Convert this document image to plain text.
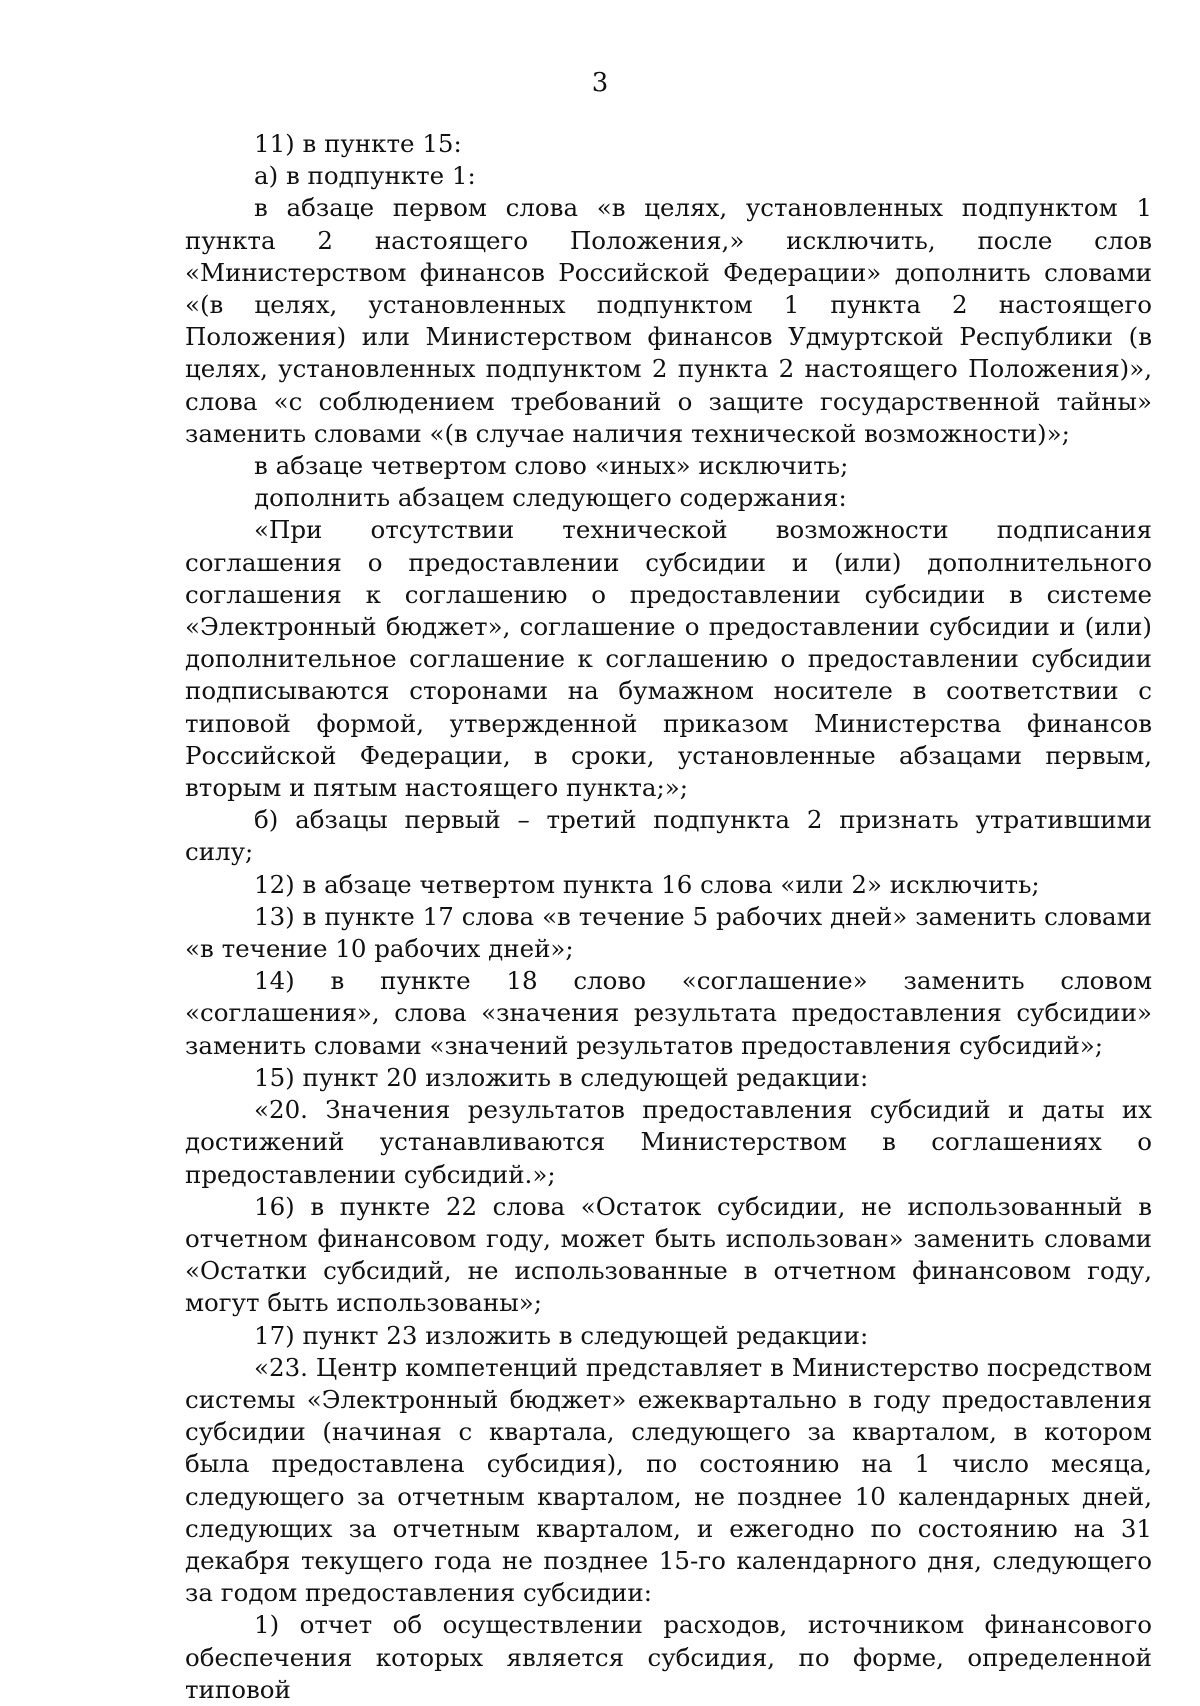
3

11) в пункте 15:

а) в подпункте 1:

в абзаце первом слова «в целях, установленных подпунктом 1 пункта 2 настоящего Положения,» исключить, после слов «Министерством финансов Российской Федерации» дополнить словами «(в целях, установленных подпунктом 1 пункта 2 настоящего Положения) или Министерством финансов Удмуртской Республики (в целях, установленных подпунктом 2 пункта 2 настоящего Положения)», слова «с соблюдением требований о защите государственной тайны» заменить словами «(в случае наличия технической возможности)»;

в абзаце четвертом слово «иных» исключить;

дополнить абзацем следующего содержания:

«При отсутствии технической возможности подписания соглашения о предоставлении субсидии и (или) дополнительного соглашения к соглашению о предоставлении субсидии в системе «Электронный бюджет», соглашение о предоставлении субсидии и (или) дополнительное соглашение к соглашению о предоставлении субсидии подписываются сторонами на бумажном носителе в соответствии с типовой формой, утвержденной приказом Министерства финансов Российской Федерации, в сроки, установленные абзацами первым, вторым и пятым настоящего пункта;»;

б) абзацы первый – третий подпункта 2 признать утратившими силу;

12) в абзаце четвертом пункта 16 слова «или 2» исключить;

13) в пункте 17 слова «в течение 5 рабочих дней» заменить словами «в течение 10 рабочих дней»;

14) в пункте 18 слово «соглашение» заменить словом «соглашения», слова «значения результата предоставления субсидии» заменить словами «значений результатов предоставления субсидий»;

15) пункт 20 изложить в следующей редакции:

«20. Значения результатов предоставления субсидий и даты их достижений устанавливаются Министерством в соглашениях о предоставлении субсидий.»;

16) в пункте 22 слова «Остаток субсидии, не использованный в отчетном финансовом году, может быть использован» заменить словами «Остатки субсидий, не использованные в отчетном финансовом году, могут быть использованы»;

17) пункт 23 изложить в следующей редакции:

«23. Центр компетенций представляет в Министерство посредством системы «Электронный бюджет» ежеквартально в году предоставления субсидии (начиная с квартала, следующего за кварталом, в котором была предоставлена субсидия), по состоянию на 1 число месяца, следующего за отчетным кварталом, не позднее 10 календарных дней, следующих за отчетным кварталом, и ежегодно по состоянию на 31 декабря текущего года не позднее 15-го календарного дня, следующего за годом предоставления субсидии:

1) отчет об осуществлении расходов, источником финансового обеспечения которых является субсидия, по форме, определенной типовой
